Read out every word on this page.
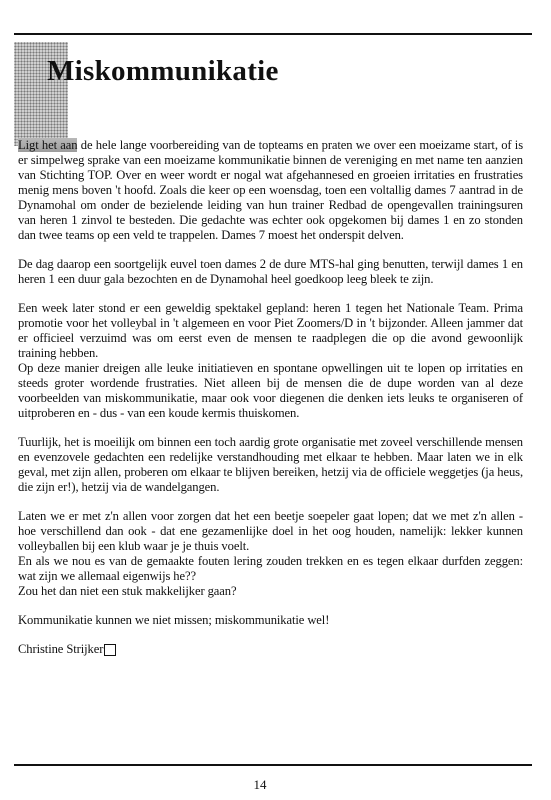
Miskommunikatie

Ligt het aan de hele lange voorbereiding van de topteams en praten we over een moeizame start, of is er simpelweg sprake van een moeizame kommunikatie binnen de vereniging en met name ten aanzien van Stichting TOP. Over en weer wordt er nogal wat afgehannesed en groeien irritaties en frustraties menig mens boven 't hoofd. Zoals die keer op een woensdag, toen een voltallig dames 7 aantrad in de Dynamohal om onder de bezielende leiding van hun trainer Redbad de opengevallen trainingsuren van heren 1 zinvol te besteden. Die gedachte was echter ook opgekomen bij dames 1 en zo stonden dan twee teams op een veld te trappelen. Dames 7 moest het onderspit delven.

De dag daarop een soortgelijk euvel toen dames 2 de dure MTS-hal ging benutten, terwijl dames 1 en heren 1 een duur gala bezochten en de Dynamohal heel goedkoop leeg bleek te zijn.

Een week later stond er een geweldig spektakel gepland: heren 1 tegen het Nationale Team. Prima promotie voor het volleybal in 't algemeen en voor Piet Zoomers/D in 't bijzonder. Alleen jammer dat er officieel verzuimd was om eerst even de mensen te raadplegen die op die avond gewoonlijk training hebben.

Op deze manier dreigen alle leuke initiatieven en spontane opwellingen uit te lopen op irritaties en steeds groter wordende frustraties. Niet alleen bij de mensen die de dupe worden van al deze voorbeelden van miskommunikatie, maar ook voor diegenen die denken iets leuks te organiseren of uitproberen en - dus - van een koude kermis thuiskomen.

Tuurlijk, het is moeilijk om binnen een toch aardig grote organisatie met zoveel verschillende mensen en evenzovele gedachten een redelijke verstandhouding met elkaar te hebben. Maar laten we in elk geval, met zijn allen, proberen om elkaar te blijven bereiken, hetzij via de officiele weggetjes (ja heus, die zijn er!), hetzij via de wandelgangen.

Laten we er met z'n allen voor zorgen dat het een beetje soepeler gaat lopen; dat we met z'n allen - hoe verschillend dan ook - dat ene gezamenlijke doel in het oog houden, namelijk: lekker kunnen volleyballen bij een klub waar je je thuis voelt.

En als we nou es van de gemaakte fouten lering zouden trekken en es tegen elkaar durfden zeggen: wat zijn we allemaal eigenwijs he??

Zou het dan niet een stuk makkelijker gaan?

Kommunikatie kunnen we niet missen; miskommunikatie wel!

Christine Strijker

14
